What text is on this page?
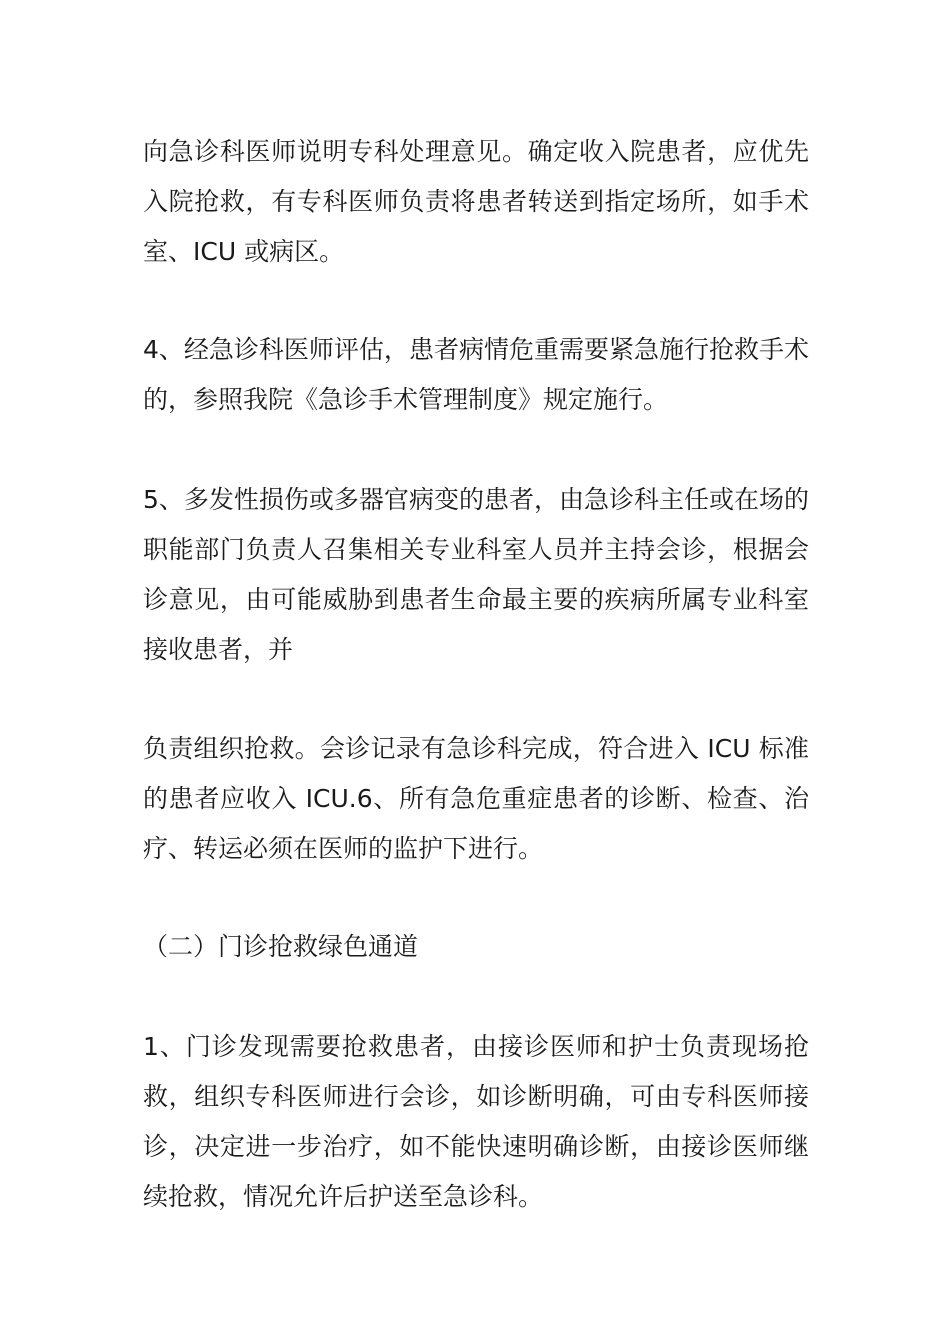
向急诊科医师说明专科处理意见。确定收入院患者，应优先入院抢救，有专科医师负责将患者转送到指定场所，如手术室、ICU 或病区。

4、经急诊科医师评估，患者病情危重需要紧急施行抢救手术的，参照我院《急诊手术管理制度》规定施行。

5、多发性损伤或多器官病变的患者，由急诊科主任或在场的职能部门负责人召集相关专业科室人员并主持会诊，根据会诊意见，由可能威胁到患者生命最主要的疾病所属专业科室接收患者，并

负责组织抢救。会诊记录有急诊科完成，符合进入 ICU 标准的患者应收入 ICU.6、所有急危重症患者的诊断、检查、治疗、转运必须在医师的监护下进行。

（二）门诊抢救绿色通道

1、门诊发现需要抢救患者，由接诊医师和护士负责现场抢救，组织专科医师进行会诊，如诊断明确，可由专科医师接诊，决定进一步治疗，如不能快速明确诊断，由接诊医师继续抢救，情况允许后护送至急诊科。
